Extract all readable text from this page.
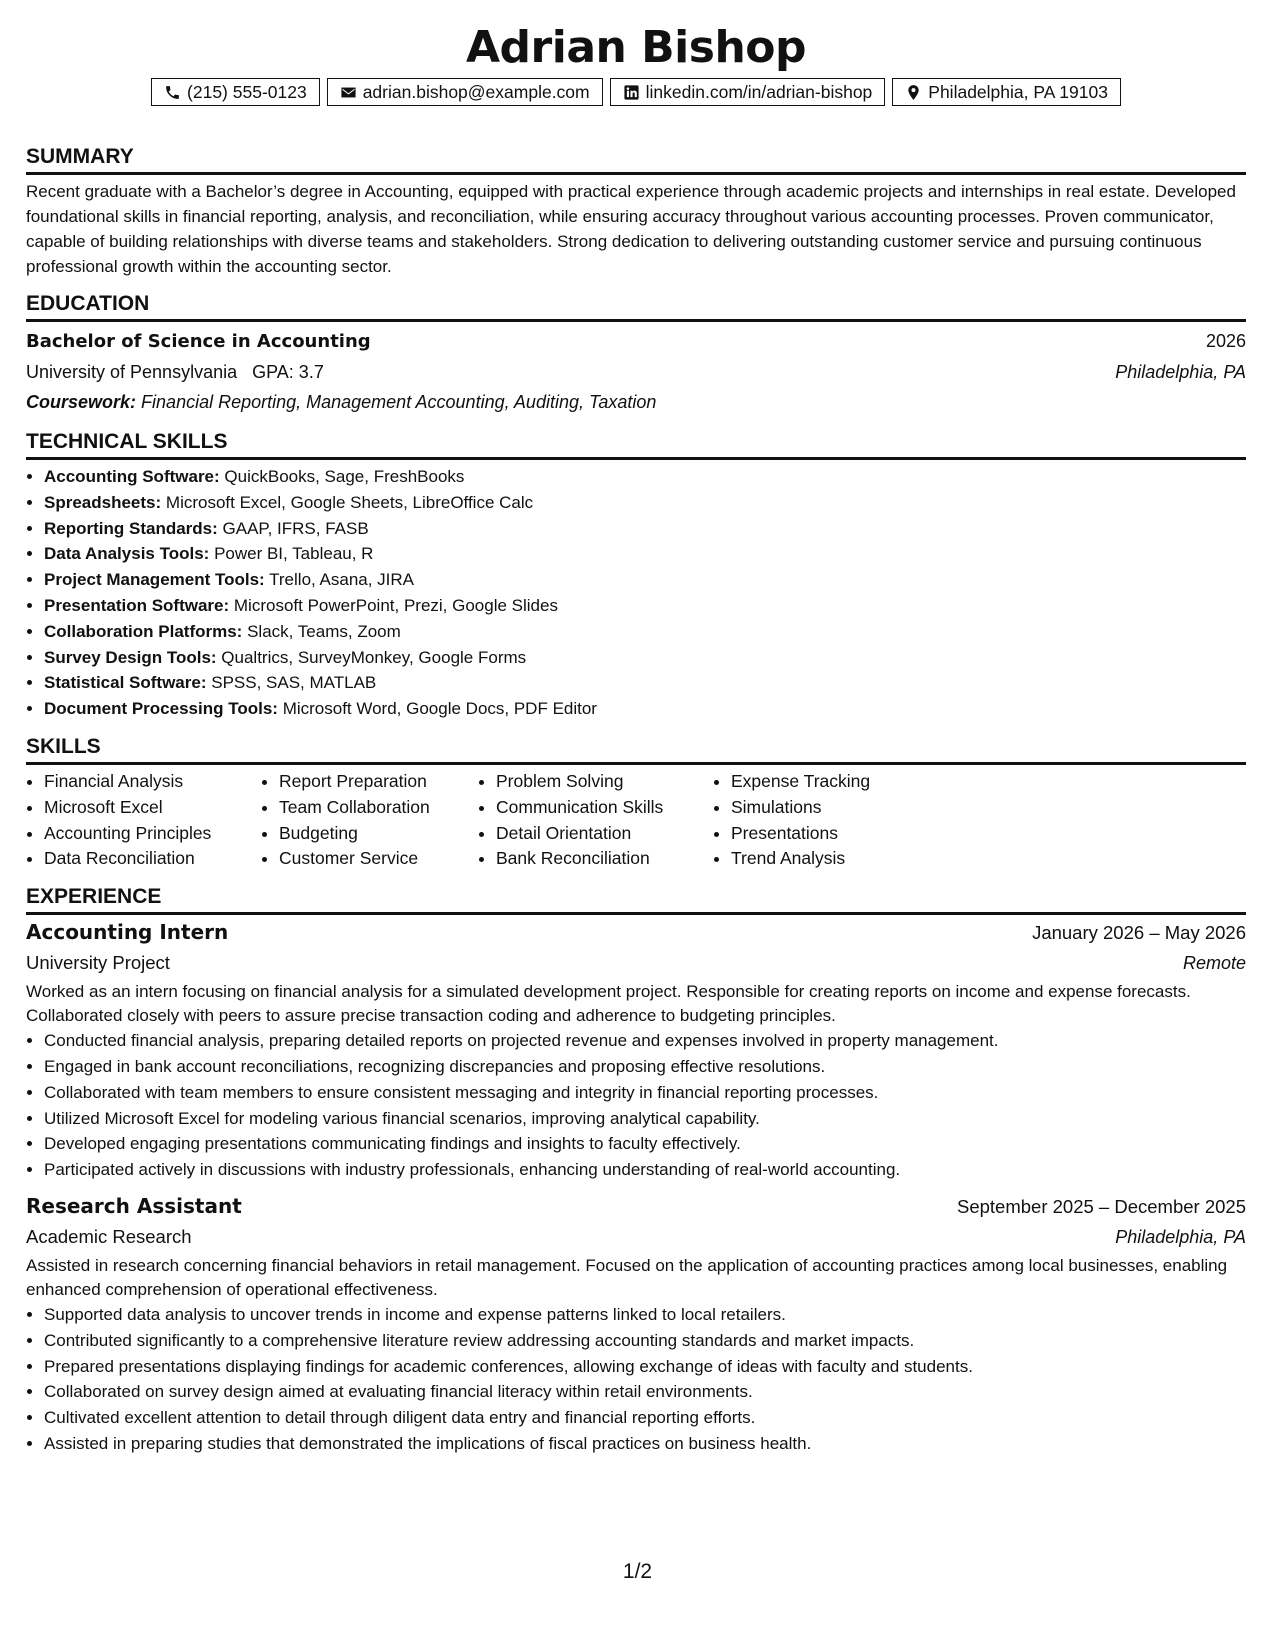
Adrian Bishop
(215) 555-0123	adrian.bishop@example.com	linkedin.com/in/adrian-bishop	Philadelphia, PA 19103
SUMMARY

Recent graduate with a Bachelor’s degree in Accounting, equipped with practical experience through academic projects and internships in real estate. Developed foundational skills in financial reporting, analysis, and reconciliation, while ensuring accuracy throughout various accounting processes. Proven communicator, capable of building relationships with diverse teams and stakeholders. Strong dedication to delivering outstanding customer service and pursuing continuous professional growth within the accounting sector.

EDUCATION
Bachelor of Science in Accounting	2026
University of Pennsylvania GPA: 3.7	Philadelphia, PA
Coursework: Financial Reporting, Management Accounting, Auditing, Taxation
TECHNICAL SKILLS
• Accounting Software: QuickBooks, Sage, FreshBooks
• Spreadsheets: Microsoft Excel, Google Sheets, LibreOffice Calc
• Reporting Standards: GAAP, IFRS, FASB
• Data Analysis Tools: Power BI, Tableau, R
• Project Management Tools: Trello, Asana, JIRA
• Presentation Software: Microsoft PowerPoint, Prezi, Google Slides
• Collaboration Platforms: Slack, Teams, Zoom
• Survey Design Tools: Qualtrics, SurveyMonkey, Google Forms
• Statistical Software: SPSS, SAS, MATLAB
• Document Processing Tools: Microsoft Word, Google Docs, PDF Editor
SKILLS
• Financial Analysis
• Microsoft Excel
• Accounting Principles
• Data Reconciliation
• Report Preparation
• Team Collaboration
• Budgeting
• Customer Service
• Problem Solving
• Communication Skills
• Detail Orientation
• Bank Reconciliation
• Expense Tracking
• Simulations
• Presentations
• Trend Analysis
EXPERIENCE
Accounting Intern	January 2026 – May 2026
University Project	Remote

Worked as an intern focusing on financial analysis for a simulated development project. Responsible for creating reports on income and expense forecasts. Collaborated closely with peers to assure precise transaction coding and adherence to budgeting principles.

• Conducted financial analysis, preparing detailed reports on projected revenue and expenses involved in property management.
• Engaged in bank account reconciliations, recognizing discrepancies and proposing effective resolutions.
• Collaborated with team members to ensure consistent messaging and integrity in financial reporting processes.
• Utilized Microsoft Excel for modeling various financial scenarios, improving analytical capability.
• Developed engaging presentations communicating findings and insights to faculty effectively.
• Participated actively in discussions with industry professionals, enhancing understanding of real-world accounting.
Research Assistant	September 2025 – December 2025
Academic Research	Philadelphia, PA

Assisted in research concerning financial behaviors in retail management. Focused on the application of accounting practices among local businesses, enabling enhanced comprehension of operational effectiveness.

• Supported data analysis to uncover trends in income and expense patterns linked to local retailers.
• Contributed significantly to a comprehensive literature review addressing accounting standards and market impacts.
• Prepared presentations displaying findings for academic conferences, allowing exchange of ideas with faculty and students.
• Collaborated on survey design aimed at evaluating financial literacy within retail environments.
• Cultivated excellent attention to detail through diligent data entry and financial reporting efforts.
• Assisted in preparing studies that demonstrated the implications of fiscal practices on business health.
1/2
